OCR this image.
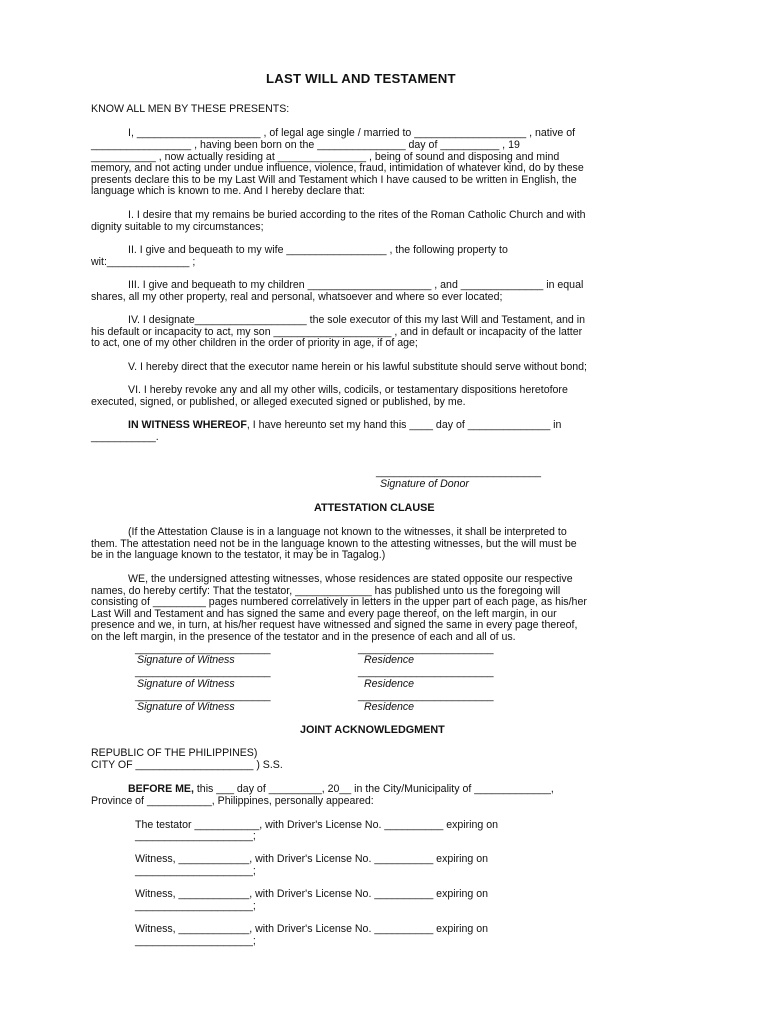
LAST WILL AND TESTAMENT
KNOW ALL MEN BY THESE PRESENTS:
I, _____________________ , of legal age single / married to ___________________ , native of
_________________ , having been born on the _______________ day of __________ , 19
___________ , now actually residing at _______________ , being of sound and disposing and mind
memory, and not acting under undue influence, violence, fraud, intimidation of whatever kind, do by these
presents declare this to be my Last Will and Testament which I have caused to be written in English, the
language which is known to me. And I hereby declare that:
I. I desire that my remains be buried according to the rites of the Roman Catholic Church and with
dignity suitable to my circumstances;
II. I give and bequeath to my wife _________________ , the following property to
wit:______________ ;
III. I give and bequeath to my children _____________________ , and ______________ in equal
shares, all my other property, real and personal, whatsoever and where so ever located;
IV. I designate___________________ the sole executor of this my last Will and Testament, and in
his default or incapacity to act, my son ____________________ , and in default or incapacity of the latter
to act, one of my other children in the order of priority in age, if of age;
V. I hereby direct that the executor name herein or his lawful substitute should serve without bond;
VI. I hereby revoke any and all my other wills, codicils, or testamentary dispositions heretofore
executed, signed, or published, or alleged executed signed or published, by me.
IN WITNESS WHEREOF, I have hereunto set my hand this ____ day of ______________ in
___________.
____________________________
Signature of Donor
ATTESTATION CLAUSE
(If the Attestation Clause is in a language not known to the witnesses, it shall be interpreted to
them. The attestation need not be in the language known to the attesting witnesses, but the will must be
be in the language known to the testator, it may be in Tagalog.)
WE, the undersigned attesting witnesses, whose residences are stated opposite our respective
names, do hereby certify: That the testator, _____________ has published unto us the foregoing will
consisting of _________ pages numbered correlatively in letters in the upper part of each page, as his/her
Last Will and Testament and has signed the same and every page thereof, on the left margin, in our
presence and we, in turn, at his/her request have witnessed and signed the same in every page thereof,
on the left margin, in the presence of the testator and in the presence of each and all of us.
_______________________	_______________________
Signature of Witness	Residence
_______________________	_______________________
Signature of Witness	Residence
_______________________	_______________________
Signature of Witness	Residence
JOINT ACKNOWLEDGMENT
REPUBLIC OF THE PHILIPPINES)
CITY OF ____________________ ) S.S.
BEFORE ME, this ___ day of _________, 20__ in the City/Municipality of _____________,
Province of ___________, Philippines, personally appeared:
The testator ___________, with Driver's License No. __________ expiring on
____________________;
Witness, ____________, with Driver's License No. __________ expiring on
____________________;
Witness, ____________, with Driver's License No. __________ expiring on
____________________;
Witness, ____________, with Driver's License No. __________ expiring on
____________________;
